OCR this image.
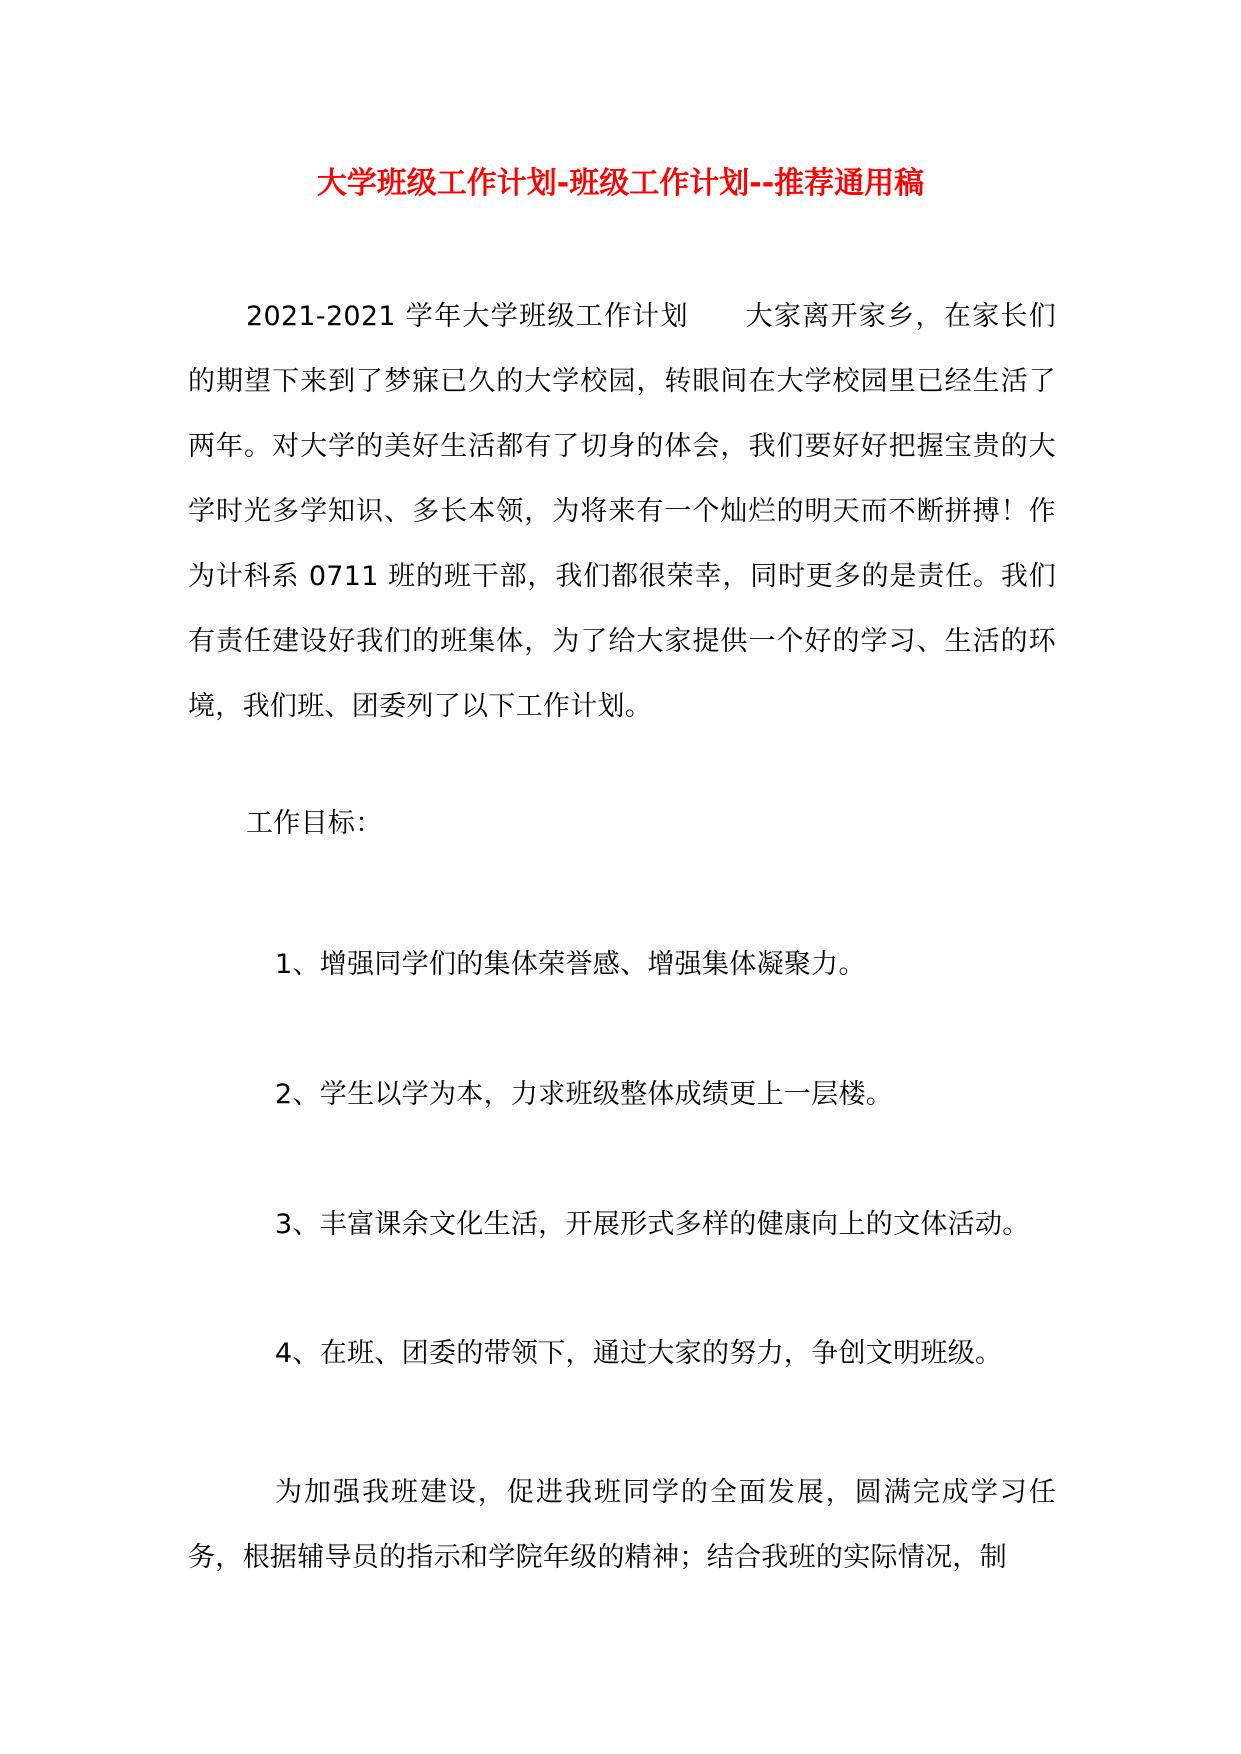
大学班级工作计划-班级工作计划--推荐通用稿

2021-2021 学年大学班级工作计划　　大家离开家乡，在家长们的期望下来到了梦寐已久的大学校园，转眼间在大学校园里已经生活了两年。对大学的美好生活都有了切身的体会，我们要好好把握宝贵的大学时光多学知识、多长本领，为将来有一个灿烂的明天而不断拼搏！作为计科系 0711 班的班干部，我们都很荣幸，同时更多的是责任。我们有责任建设好我们的班集体，为了给大家提供一个好的学习、生活的环境，我们班、团委列了以下工作计划。

工作目标：

1、增强同学们的集体荣誉感、增强集体凝聚力。

2、学生以学为本，力求班级整体成绩更上一层楼。

3、丰富课余文化生活，开展形式多样的健康向上的文体活动。

4、在班、团委的带领下，通过大家的努力，争创文明班级。

为加强我班建设，促进我班同学的全面发展，圆满完成学习任务，根据辅导员的指示和学院年级的精神；结合我班的实际情况，制
